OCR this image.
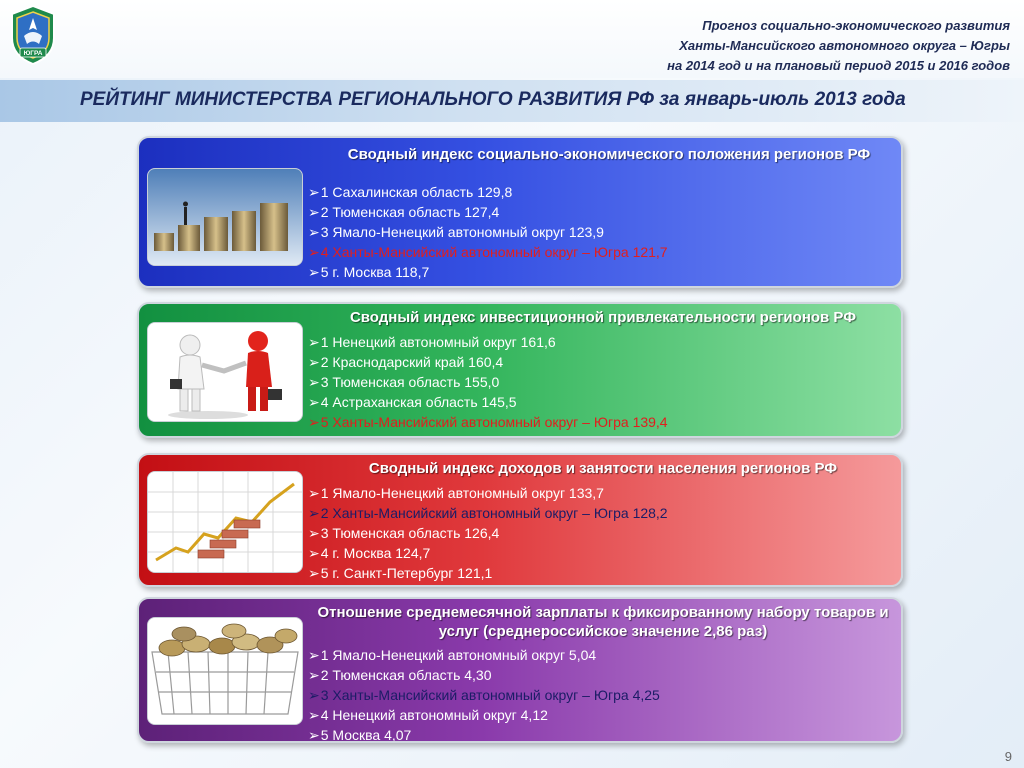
ЮГРА
Прогноз социально-экономического развития
Ханты-Мансийского автономного округа – Югры
на 2014 год и на плановый период 2015 и 2016 годов
РЕЙТИНГ МИНИСТЕРСТВА РЕГИОНАЛЬНОГО РАЗВИТИЯ РФ за январь-июль 2013 года
Сводный индекс социально-экономического положения регионов РФ
➢ 1 Сахалинская область 129,8
➢ 2 Тюменская область 127,4
➢ 3 Ямало-Ненецкий автономный округ 123,9
➢ 4 Ханты-Мансийский автономный округ – Югра 121,7
➢ 5 г. Москва 118,7
Сводный индекс инвестиционной привлекательности регионов РФ
➢ 1 Ненецкий автономный округ 161,6
➢ 2 Краснодарский край 160,4
➢ 3 Тюменская область 155,0
➢ 4 Астраханская область 145,5
➢ 5 Ханты-Мансийский автономный округ – Югра 139,4
Сводный индекс доходов и занятости населения регионов РФ
➢ 1 Ямало-Ненецкий автономный округ 133,7
➢ 2 Ханты-Мансийский автономный округ – Югра 128,2
➢ 3 Тюменская область 126,4
➢ 4 г. Москва 124,7
➢ 5 г. Санкт-Петербург 121,1
Отношение среднемесячной зарплаты к фиксированному набору товаров и услуг (среднероссийское значение 2,86 раз)
➢ 1 Ямало-Ненецкий автономный округ 5,04
➢ 2 Тюменская область 4,30
➢ 3 Ханты-Мансийский автономный округ – Югра 4,25
➢ 4 Ненецкий автономный округ 4,12
➢ 5 Москва 4,07
9
